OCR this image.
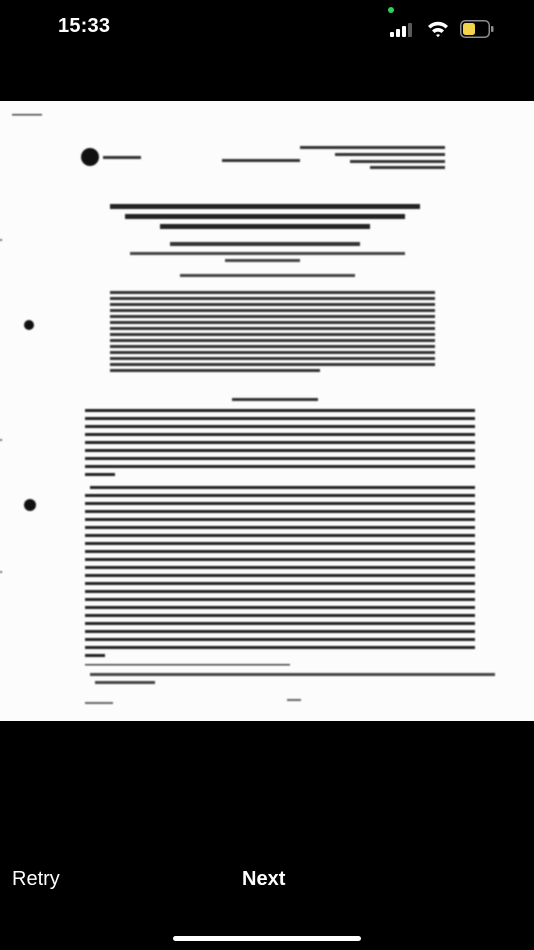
15:33
Retry	Next
